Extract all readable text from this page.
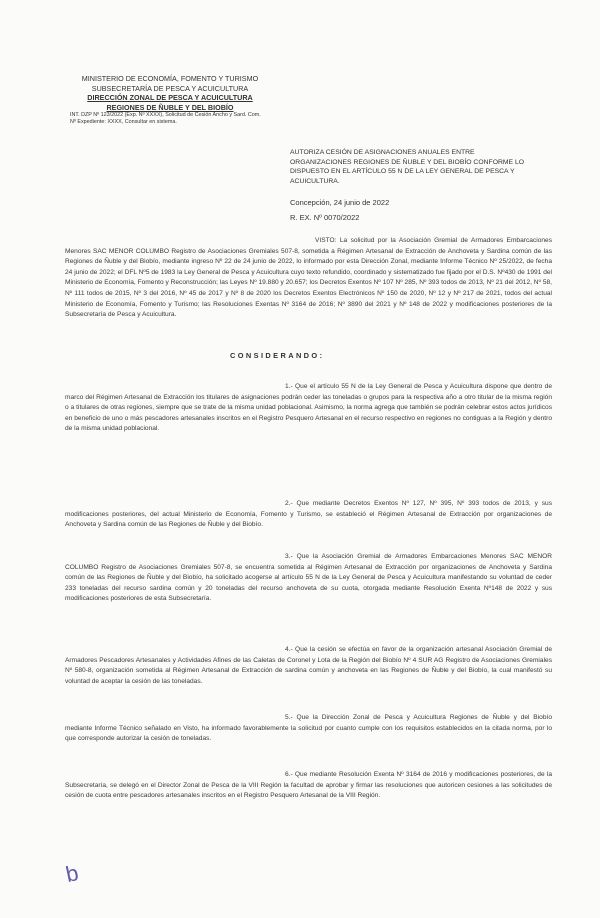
MINISTERIO DE ECONOMÍA, FOMENTO Y TURISMO
SUBSECRETARÍA DE PESCA Y ACUICULTURA
DIRECCIÓN ZONAL DE PESCA Y ACUICULTURA
REGIONES DE ÑUBLE Y DEL BIOBÍO
INT. DZP Nº 123/2022 (Exp. Nº XXXX), Solicitud de Cesión Ancho y Sard. Com.
Nº Expediente: XXXX, Consultar en sistema.
AUTORIZA CESIÓN DE ASIGNACIONES ANUALES ENTRE ORGANIZACIONES REGIONES DE ÑUBLE Y DEL BIOBÍO CONFORME LO DISPUESTO EN EL ARTÍCULO 55 N DE LA LEY GENERAL DE PESCA Y ACUICULTURA.
Concepción, 24 junio de 2022
R. EX. Nº 0070/2022

VISTO: La solicitud por la Asociación Gremial de Armadores Embarcaciones Menores SAC MENOR COLUMBO Registro de Asociaciones Gremiales 507-8, sometida a Régimen Artesanal de Extracción de Anchoveta y Sardina común de las Regiones de Ñuble y del Biobío, mediante ingreso Nº 22 de 24 junio de 2022, lo informado por esta Dirección Zonal, mediante Informe Técnico Nº 25/2022, de fecha 24 junio de 2022; el DFL Nº5 de 1983 la Ley General de Pesca y Acuicultura cuyo texto refundido, coordinado y sistematizado fue fijado por el D.S. Nº430 de 1991 del Ministerio de Economía, Fomento y Reconstrucción; las Leyes Nº 19.880 y 20.657; los Decretos Exentos Nº 107 Nº 285, Nº 393 todos de 2013, Nº 21 del 2012, Nº 58, Nº 111 todos de 2015, Nº 3 del 2016, Nº 45 de 2017 y Nº 8 de 2020 los Decretos Exentos Electrónicos Nº 150 de 2020, Nº 12 y Nº 217 de 2021, todos del actual Ministerio de Economía, Fomento y Turismo; las Resoluciones Exentas Nº 3164 de 2016; Nº 3890 del 2021 y Nº 148 de 2022 y modificaciones posteriores de la Subsecretaría de Pesca y Acuicultura.

CONSIDERANDO:

1.- Que el artículo 55 N de la Ley General de Pesca y Acuicultura dispone que dentro de marco del Régimen Artesanal de Extracción los titulares de asignaciones podrán ceder las toneladas o grupos para la respectiva año a otro titular de la misma región o a titulares de otras regiones, siempre que se trate de la misma unidad poblacional. Asimismo, la norma agrega que también se podrán celebrar estos actos jurídicos en beneficio de uno o más pescadores artesanales inscritos en el Registro Pesquero Artesanal en el recurso respectivo en regiones no contiguas a la Región y dentro de la misma unidad poblacional.

2.- Que mediante Decretos Exentos Nº 127, Nº 395, Nº 393 todos de 2013, y sus modificaciones posteriores, del actual Ministerio de Economía, Fomento y Turismo, se estableció el Régimen Artesanal de Extracción por organizaciones de Anchoveta y Sardina común de las Regiones de Ñuble y del Biobío.

3.- Que la Asociación Gremial de Armadores Embarcaciones Menores SAC MENOR COLUMBO Registro de Asociaciones Gremiales 507-8, se encuentra sometida al Régimen Artesanal de Extracción por organizaciones de Anchoveta y Sardina común de las Regiones de Ñuble y del Biobío, ha solicitado acogerse al artículo 55 N de la Ley General de Pesca y Acuicultura manifestando su voluntad de ceder 233 toneladas del recurso sardina común y 20 toneladas del recurso anchoveta de su cuota, otorgada mediante Resolución Exenta Nº148 de 2022 y sus modificaciones posteriores de esta Subsecretaría.

4.- Que la cesión se efectúa en favor de la organización artesanal Asociación Gremial de Armadores Pescadores Artesanales y Actividades Afines de las Caletas de Coronel y Lota de la Región del Biobío Nº 4 SUR AG Registro de Asociaciones Gremiales Nº 580-8, organización sometida al Régimen Artesanal de Extracción de sardina común y anchoveta en las Regiones de Ñuble y del Biobío, la cual manifestó su voluntad de aceptar la cesión de las toneladas.

5.- Que la Dirección Zonal de Pesca y Acuicultura Regiones de Ñuble y del Biobío mediante Informe Técnico señalado en Visto, ha informado favorablemente la solicitud por cuanto cumple con los requisitos establecidos en la citada norma, por lo que corresponde autorizar la cesión de toneladas.

6.- Que mediante Resolución Exenta Nº 3164 de 2016 y modificaciones posteriores, de la Subsecretaría, se delegó en el Director Zonal de Pesca de la VIII Región la facultad de aprobar y firmar las resoluciones que autoricen cesiones a las solicitudes de cesión de cuota entre pescadores artesanales inscritos en el Registro Pesquero Artesanal de la VIII Región.

b
